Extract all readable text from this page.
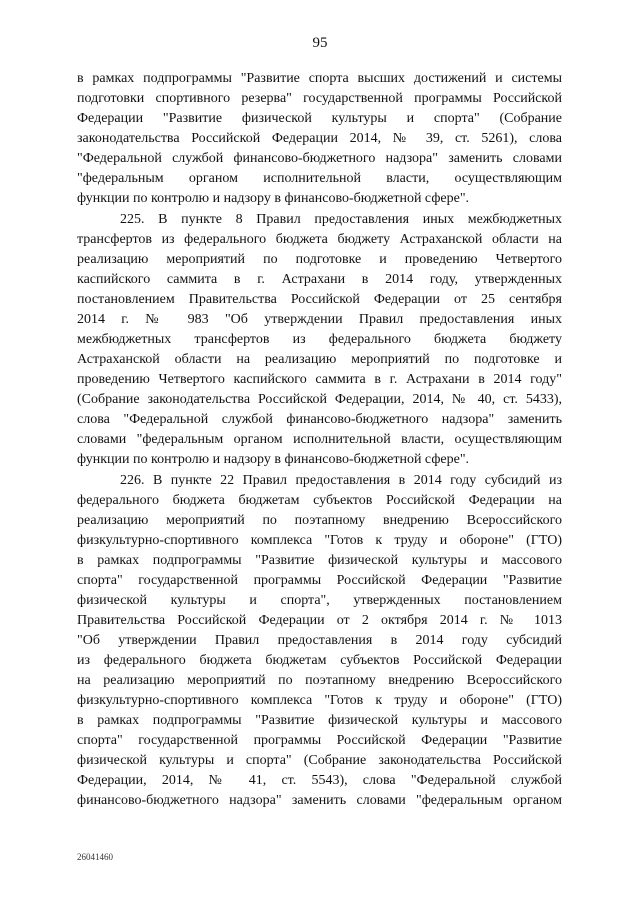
95
в рамках подпрограммы "Развитие спорта высших достижений и системы
подготовки спортивного резерва" государственной программы Российской
Федерации "Развитие физической культуры и спорта" (Собрание
законодательства Российской Федерации 2014, № 39, ст. 5261), слова
"Федеральной службой финансово-бюджетного надзора" заменить словами
"федеральным органом исполнительной власти, осуществляющим
функции по контролю и надзору в финансово-бюджетной сфере".
225. В пункте 8 Правил предоставления иных межбюджетных
трансфертов из федерального бюджета бюджету Астраханской области на
реализацию мероприятий по подготовке и проведению Четвертого
каспийского саммита в г. Астрахани в 2014 году, утвержденных
постановлением Правительства Российской Федерации от 25 сентября
2014 г. № 983 "Об утверждении Правил предоставления иных
межбюджетных трансфертов из федерального бюджета бюджету
Астраханской области на реализацию мероприятий по подготовке и
проведению Четвертого каспийского саммита в г. Астрахани в 2014 году"
(Собрание законодательства Российской Федерации, 2014, № 40, ст. 5433),
слова "Федеральной службой финансово-бюджетного надзора" заменить
словами "федеральным органом исполнительной власти, осуществляющим
функции по контролю и надзору в финансово-бюджетной сфере".
226. В пункте 22 Правил предоставления в 2014 году субсидий из
федерального бюджета бюджетам субъектов Российской Федерации на
реализацию мероприятий по поэтапному внедрению Всероссийского
физкультурно-спортивного комплекса "Готов к труду и обороне" (ГТО)
в рамках подпрограммы "Развитие физической культуры и массового
спорта" государственной программы Российской Федерации "Развитие
физической культуры и спорта", утвержденных постановлением
Правительства Российской Федерации от 2 октября 2014 г. № 1013
"Об утверждении Правил предоставления в 2014 году субсидий
из федерального бюджета бюджетам субъектов Российской Федерации
на реализацию мероприятий по поэтапному внедрению Всероссийского
физкультурно-спортивного комплекса "Готов к труду и обороне" (ГТО)
в рамках подпрограммы "Развитие физической культуры и массового
спорта" государственной программы Российской Федерации "Развитие
физической культуры и спорта" (Собрание законодательства Российской
Федерации, 2014, № 41, ст. 5543), слова "Федеральной службой
финансово-бюджетного надзора" заменить словами "федеральным органом
26041460
